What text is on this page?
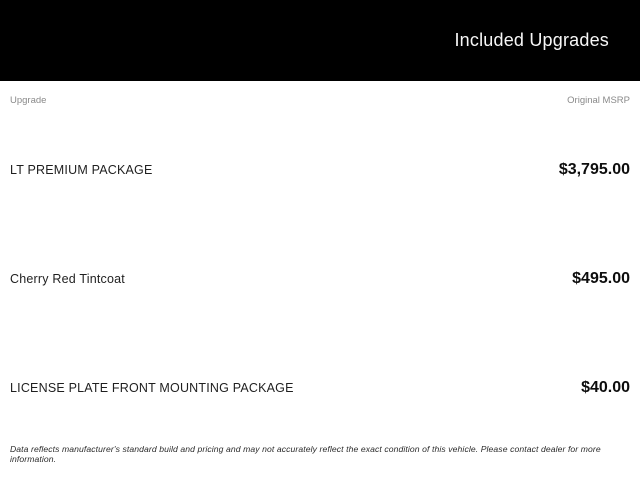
Included Upgrades
Upgrade	Original MSRP
LT PREMIUM PACKAGE	$3,795.00
Cherry Red Tintcoat	$495.00
LICENSE PLATE FRONT MOUNTING PACKAGE	$40.00

Data reflects manufacturer's standard build and pricing and may not accurately reflect the exact condition of this vehicle. Please contact dealer for more information.
